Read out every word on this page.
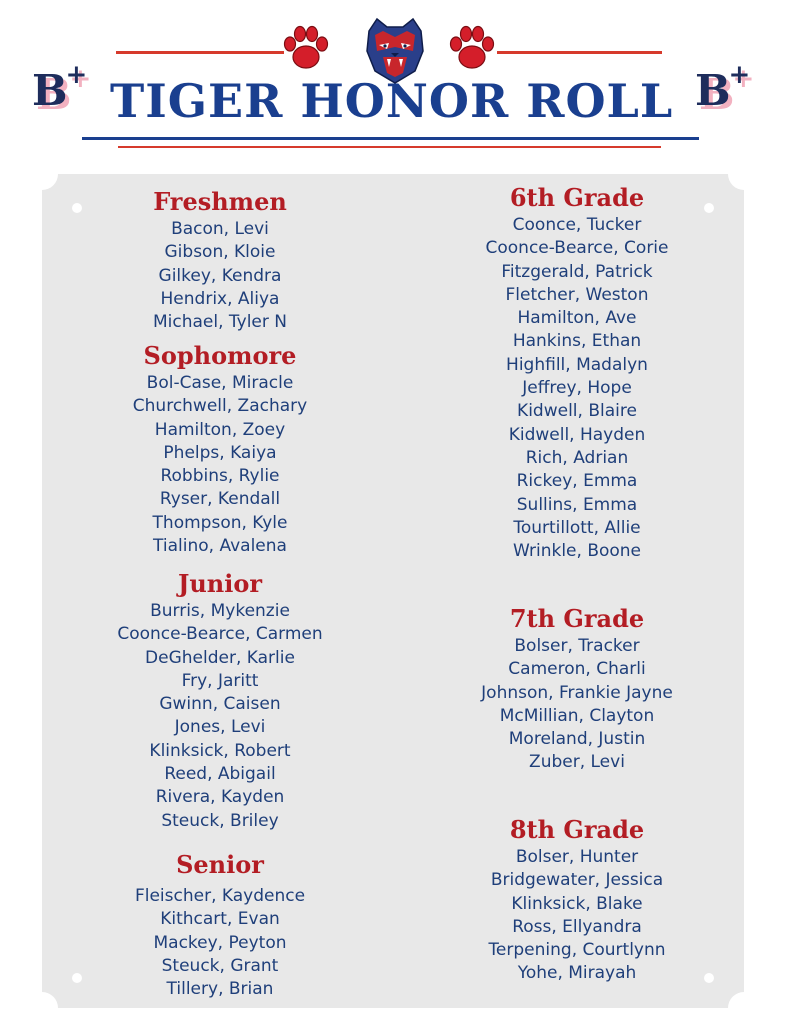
B+	B+
TIGER HONOR ROLL
Freshmen
Bacon, Levi
Gibson, Kloie
Gilkey, Kendra
Hendrix, Aliya
Michael, Tyler N
Sophomore
Bol-Case, Miracle
Churchwell, Zachary
Hamilton, Zoey
Phelps, Kaiya
Robbins, Rylie
Ryser, Kendall
Thompson, Kyle
Tialino, Avalena
Junior
Burris, Mykenzie
Coonce-Bearce, Carmen
DeGhelder, Karlie
Fry, Jaritt
Gwinn, Caisen
Jones, Levi
Klinksick, Robert
Reed, Abigail
Rivera, Kayden
Steuck, Briley
Senior
Fleischer, Kaydence
Kithcart, Evan
Mackey, Peyton
Steuck, Grant
Tillery, Brian
6th Grade
Coonce, Tucker
Coonce-Bearce, Corie
Fitzgerald, Patrick
Fletcher, Weston
Hamilton, Ave
Hankins, Ethan
Highfill, Madalyn
Jeffrey, Hope
Kidwell, Blaire
Kidwell, Hayden
Rich, Adrian
Rickey, Emma
Sullins, Emma
Tourtillott, Allie
Wrinkle, Boone
7th Grade
Bolser, Tracker
Cameron, Charli
Johnson, Frankie Jayne
McMillian, Clayton
Moreland, Justin
Zuber, Levi
8th Grade
Bolser, Hunter
Bridgewater, Jessica
Klinksick, Blake
Ross, Ellyandra
Terpening, Courtlynn
Yohe, Mirayah
